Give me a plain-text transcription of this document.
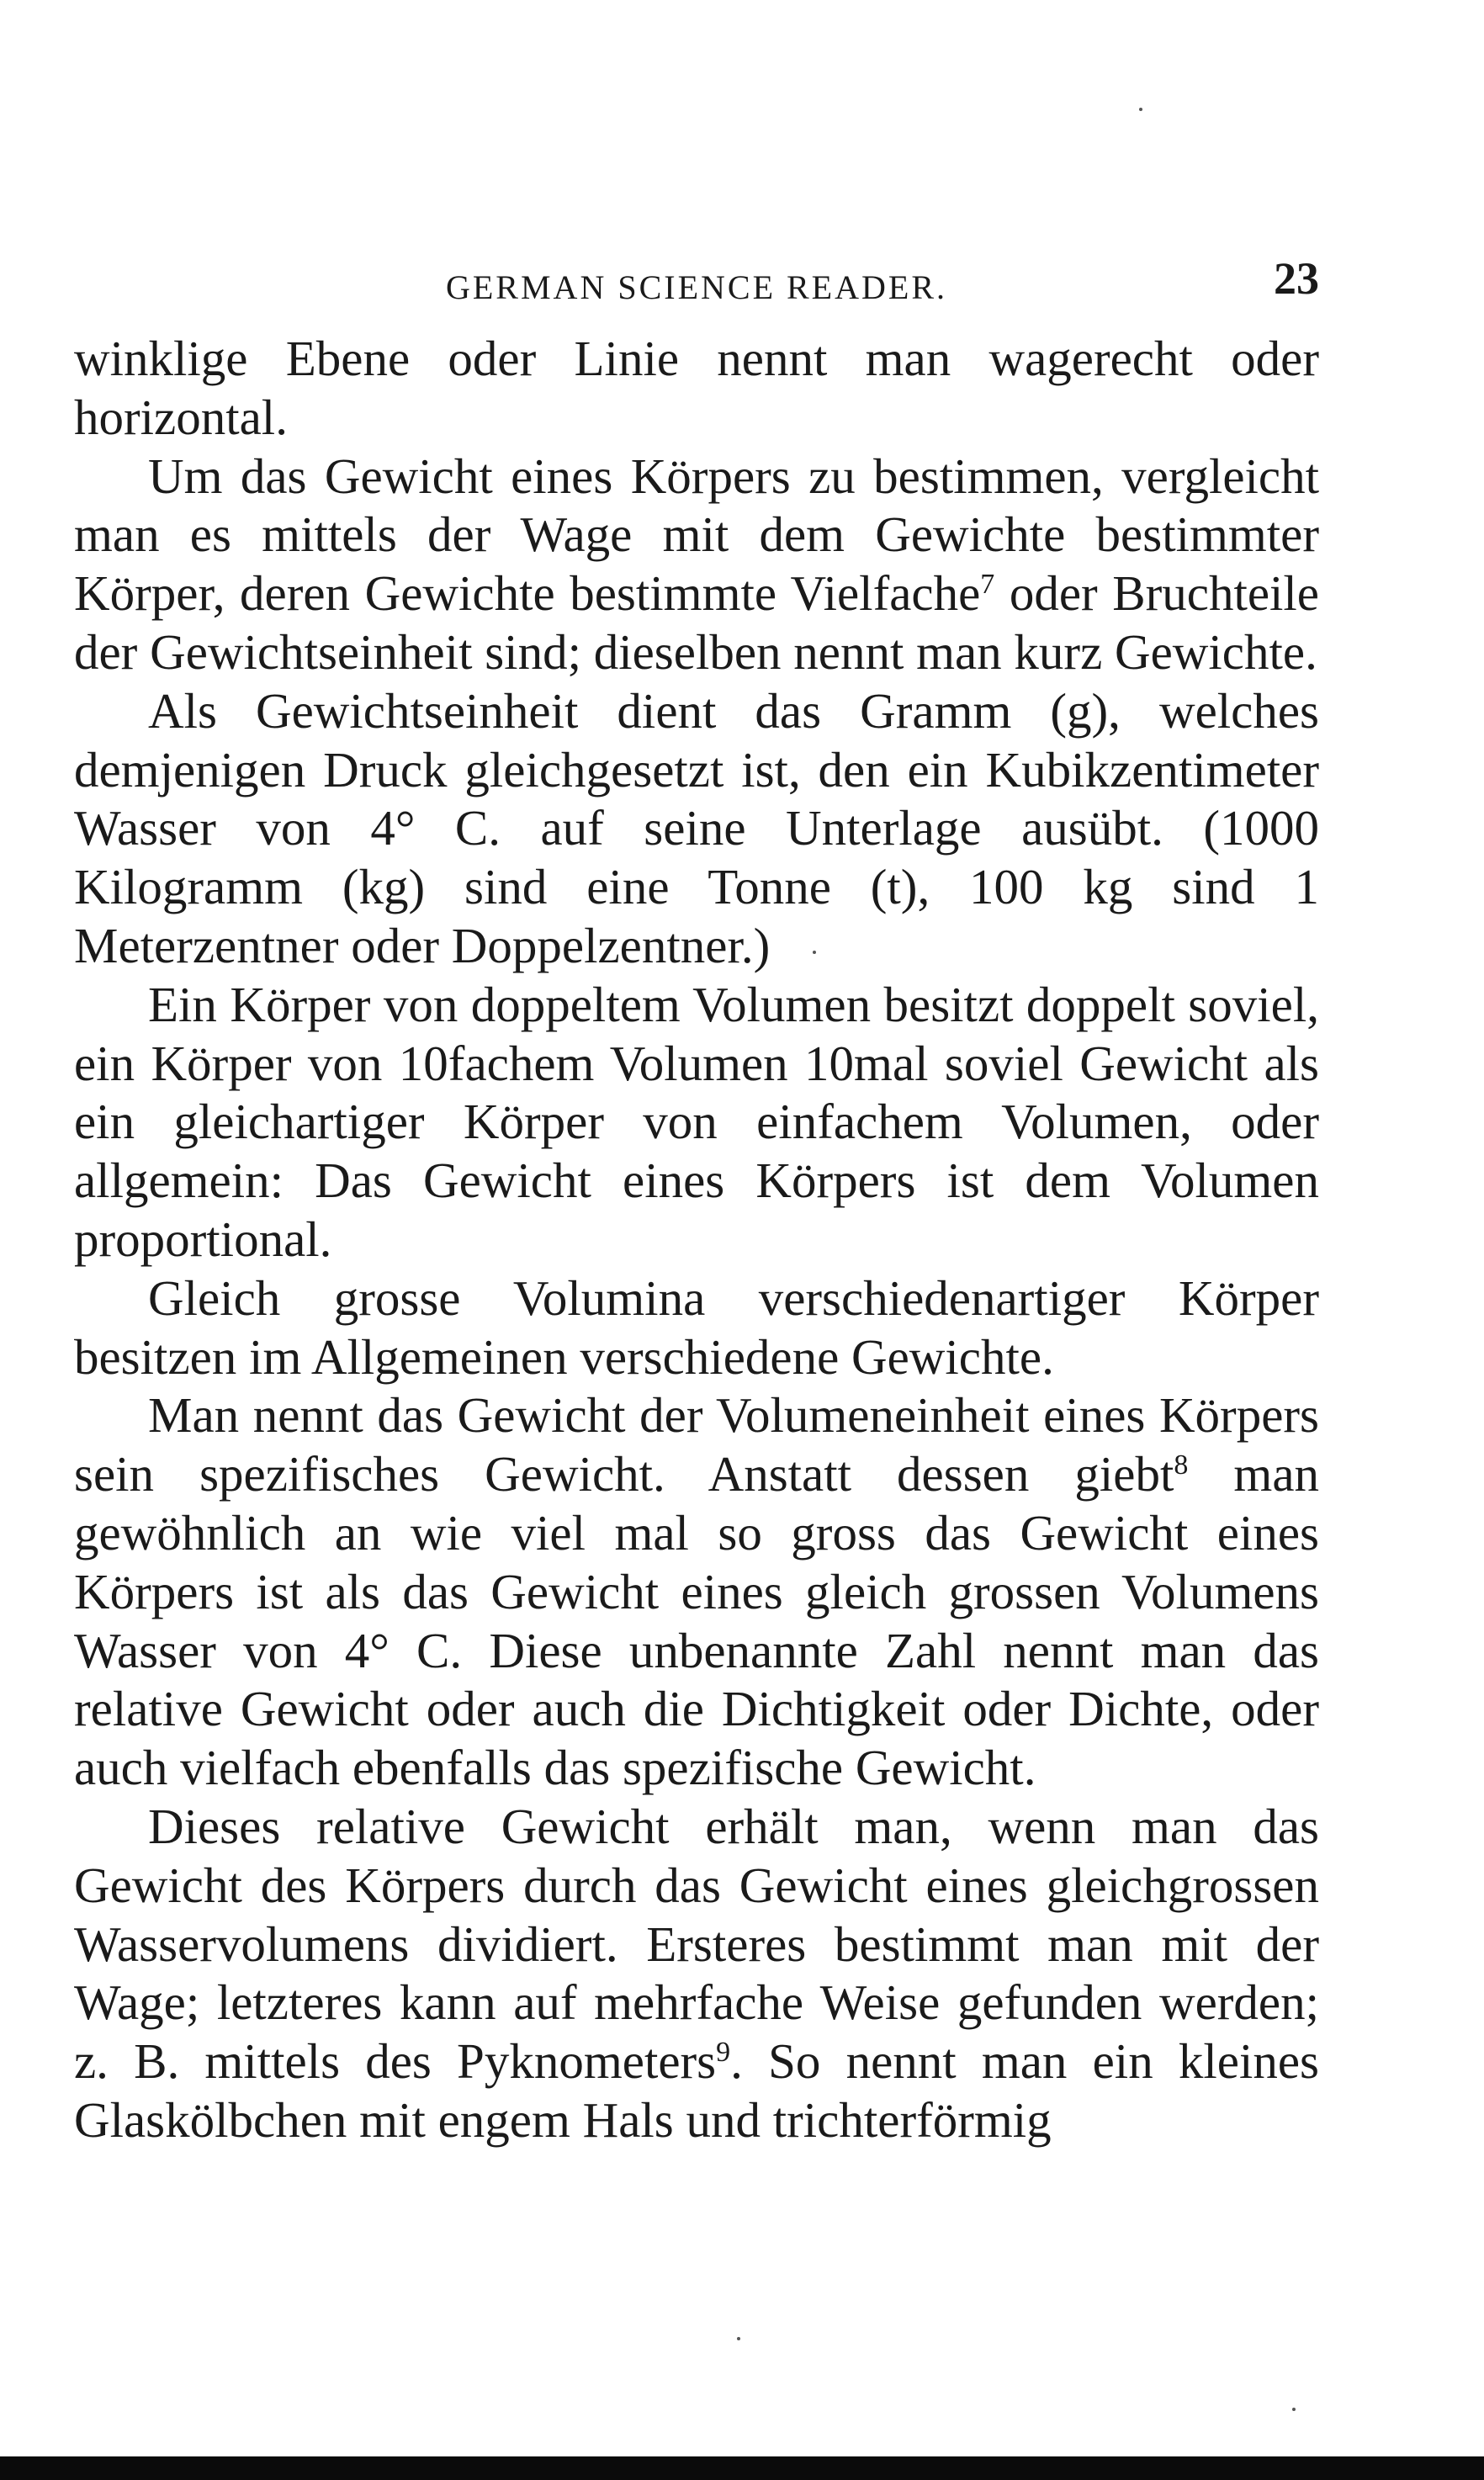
GERMAN SCIENCE READER.	23

winklige Ebene oder Linie nennt man wagerecht oder horizontal.

Um das Gewicht eines Körpers zu bestimmen, vergleicht man es mittels der Wage mit dem Gewichte bestimmter Körper, deren Gewichte bestimmte Vielfache$^7$ oder Bruchteile der Gewichtseinheit sind; dieselben nennt man kurz Gewichte.

Als Gewichtseinheit dient das Gramm (g), welches demjenigen Druck gleichgesetzt ist, den ein Kubikzentimeter Wasser von 4° C. auf seine Unterlage ausübt. (1000 Kilogramm (kg) sind eine Tonne (t), 100 kg sind 1 Meterzentner oder Doppelzentner.)

Ein Körper von doppeltem Volumen besitzt doppelt soviel, ein Körper von 10fachem Volumen 10mal soviel Gewicht als ein gleichartiger Körper von einfachem Volumen, oder allgemein: Das Gewicht eines Körpers ist dem Volumen proportional.

Gleich grosse Volumina verschiedenartiger Körper besitzen im Allgemeinen verschiedene Gewichte.

Man nennt das Gewicht der Volumeneinheit eines Körpers sein spezifisches Gewicht. Anstatt dessen giebt$^8$ man gewöhnlich an wie viel mal so gross das Gewicht eines Körpers ist als das Gewicht eines gleich grossen Volumens Wasser von 4° C. Diese unbenannte Zahl nennt man das relative Gewicht oder auch die Dichtigkeit oder Dichte, oder auch vielfach ebenfalls das spezifische Gewicht.

Dieses relative Gewicht erhält man, wenn man das Gewicht des Körpers durch das Gewicht eines gleichgrossen Wasservolumens dividiert. Ersteres bestimmt man mit der Wage; letzteres kann auf mehrfache Weise gefunden werden; z. B. mittels des Pyknometers$^9$. So nennt man ein kleines Glaskölbchen mit engem Hals und trichterförmig
